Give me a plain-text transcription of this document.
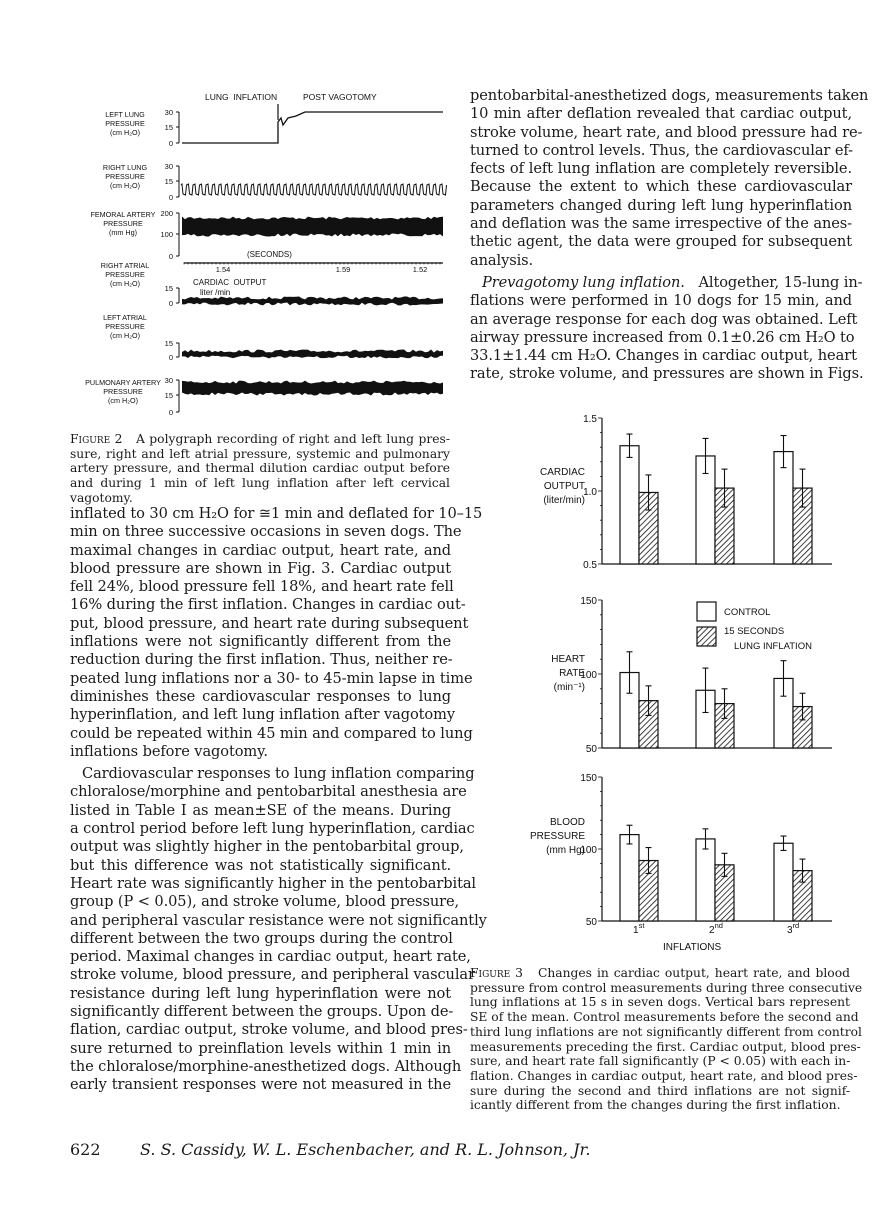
LUNG  INFLATION	POST VAGOTOMY
LEFT LUNG
PRESSURE
(cm H₂O)
30
15
0
RIGHT LUNG
PRESSURE
(cm H₂O)
30
15
0
FEMORAL ARTERY
PRESSURE
(mm Hg)
200
100
0
RIGHT ATRIAL
PRESSURE
(cm H₂O)
15
0
LEFT ATRIAL
PRESSURE
(cm H₂O)
15
0
PULMONARY ARTERY
PRESSURE
(cm H₂O)
30
15
0
1.54	1.59	1.52
(SECONDS)
CARDIAC  OUTPUT
liter /min
Figure 2 A polygraph recording of right and left lung pres-
sure, right and left atrial pressure, systemic and pulmonary
artery pressure, and thermal dilution cardiac output before
and during 1 min of left lung inflation after left cervical
vagotomy.
inflated to 30 cm H₂O for ≅1 min and deflated for 10–15
min on three successive occasions in seven dogs. The
maximal changes in cardiac output, heart rate, and
blood pressure are shown in Fig. 3. Cardiac output
fell 24%, blood pressure fell 18%, and heart rate fell
16% during the first inflation. Changes in cardiac out-
put, blood pressure, and heart rate during subsequent
inflations were not significantly different from the
reduction during the first inflation. Thus, neither re-
peated lung inflations nor a 30- to 45-min lapse in time
diminishes these cardiovascular responses to lung
hyperinflation, and left lung inflation after vagotomy
could be repeated within 45 min and compared to lung
inflations before vagotomy.
Cardiovascular responses to lung inflation comparing
chloralose/morphine and pentobarbital anesthesia are
listed in Table I as mean±SE of the means. During
a control period before left lung hyperinflation, cardiac
output was slightly higher in the pentobarbital group,
but this difference was not statistically significant.
Heart rate was significantly higher in the pentobarbital
group (P < 0.05), and stroke volume, blood pressure,
and peripheral vascular resistance were not significantly
different between the two groups during the control
period. Maximal changes in cardiac output, heart rate,
stroke volume, blood pressure, and peripheral vascular
resistance during left lung hyperinflation were not
significantly different between the groups. Upon de-
flation, cardiac output, stroke volume, and blood pres-
sure returned to preinflation levels within 1 min in
the chloralose/morphine-anesthetized dogs. Although
early transient responses were not measured in the
pentobarbital-anesthetized dogs, measurements taken
10 min after deflation revealed that cardiac output,
stroke volume, heart rate, and blood pressure had re-
turned to control levels. Thus, the cardiovascular ef-
fects of left lung inflation are completely reversible.
Because the extent to which these cardiovascular
parameters changed during left lung hyperinflation
and deflation was the same irrespective of the anes-
thetic agent, the data were grouped for subsequent
analysis.
Prevagotomy lung inflation. Altogether, 15-lung in-
flations were performed in 10 dogs for 15 min, and
an average response for each dog was obtained. Left
airway pressure increased from 0.1±0.26 cm H₂O to
33.1±1.44 cm H₂O. Changes in cardiac output, heart
rate, stroke volume, and pressures are shown in Figs.
1.5
1.0
0.5
CARDIAC
OUTPUT
(liter/min)
150
100
50
HEART
RATE
(min⁻¹)
150
100
50
BLOOD
PRESSURE
(mm Hg)
1st	2nd	3rd
CONTROL
15 SECONDS
LUNG INFLATION
INFLATIONS
Figure 3 Changes in cardiac output, heart rate, and blood
pressure from control measurements during three consecutive
lung inflations at 15 s in seven dogs. Vertical bars represent
SE of the mean. Control measurements before the second and
third lung inflations are not significantly different from control
measurements preceding the first. Cardiac output, blood pres-
sure, and heart rate fall significantly (P < 0.05) with each in-
flation. Changes in cardiac output, heart rate, and blood pres-
sure during the second and third inflations are not signif-
icantly different from the changes during the first inflation.
622 S. S. Cassidy, W. L. Eschenbacher, and R. L. Johnson, Jr.
